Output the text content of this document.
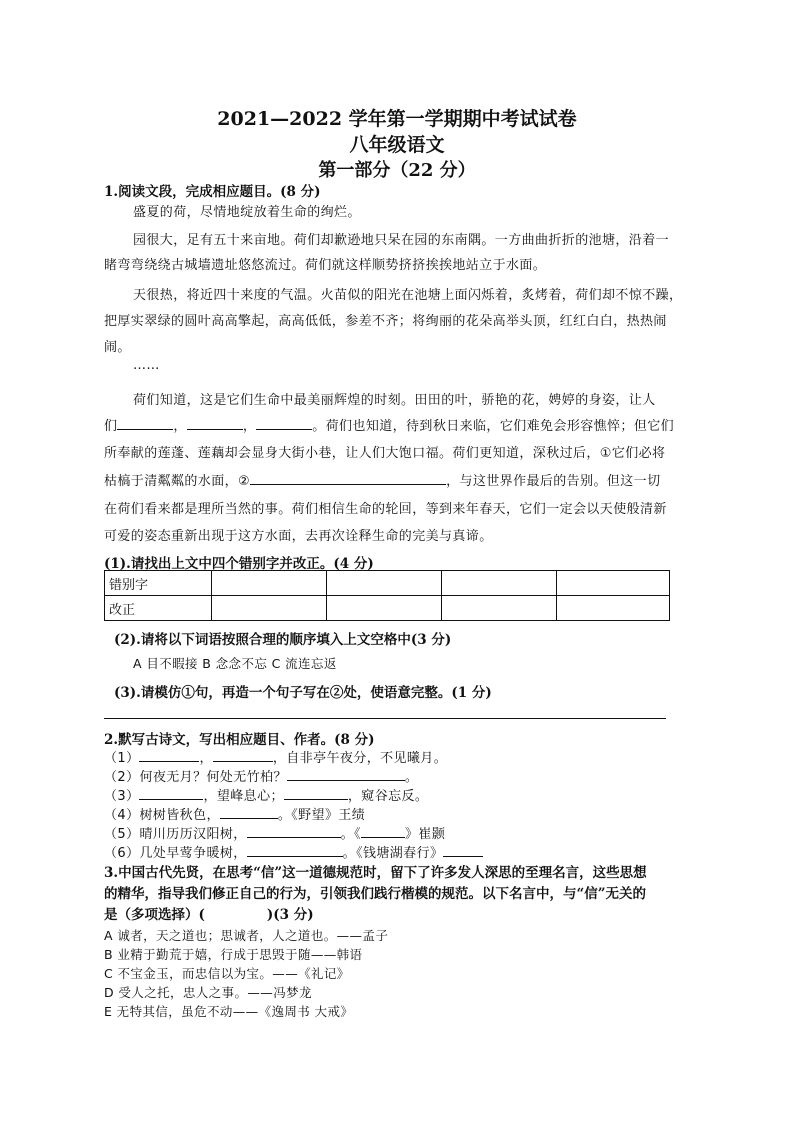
2021—2022 学年第一学期期中考试试卷
八年级语文
第一部分（22 分）
1.阅读文段，完成相应题目。(8 分)
盛夏的荷，尽情地绽放着生命的绚烂。
园很大，足有五十来亩地。荷们却歉逊地只呆在园的东南隅。一方曲曲折折的池塘，沿着一
睹弯弯绕绕古城墙遗址悠悠流过。荷们就这样顺势挤挤挨挨地站立于水面。
天很热，将近四十来度的气温。火苗似的阳光在池塘上面闪烁着，炙烤着，荷们却不惊不躁，
把厚实翠绿的圆叶高高擎起，高高低低，参差不齐；将绚丽的花朵高举头顶，红红白白，热热闹
闹。
……
荷们知道，这是它们生命中最美丽辉煌的时刻。田田的叶，骄艳的花，娉婷的身姿，让人
们	，	，	。荷们也知道，待到秋日来临，它们难免会形容憔悴；但它们
所奉献的莲蓬、莲藕却会显身大街小巷，让人们大饱口福。荷们更知道，深秋过后，①它们必将
枯槁于清粼粼的水面，②	，与这世界作最后的告别。但这一切
在荷们看来都是理所当然的事。荷们相信生命的轮回，等到来年春天，它们一定会以天使般清新
可爱的姿态重新出现于这方水面，去再次诠释生命的完美与真谛。
(1).请找出上文中四个错别字并改正。(4 分)
错别字				
改正				
(2).请将以下词语按照合理的顺序填入上文空格中(3 分)
A 目不暇接 B 念念不忘 C 流连忘返
(3).请模仿①句，再造一个句子写在②处，使语意完整。(1 分)
2.默写古诗文，写出相应题目、作者。(8 分)
（1）	，	，自非亭午夜分，不见曦月。
（2）何夜无月？何处无竹柏？	。
（3）	，望峰息心；	，窥谷忘反。
（4）树树皆秋色，	。《野望》王绩
（5）晴川历历汉阳树，	。《	》崔颢
（6）几处早莺争暖树，	。《钱塘湖春行》
3.中国古代先贤，在思考“信”这一道德规范时，留下了许多发人深思的至理名言，这些思想
的精华，指导我们修正自己的行为，引领我们践行楷模的规范。以下名言中，与“信”无关的
是（多项选择）(	)(3 分)
A 诚者，天之道也；思诚者，人之道也。——孟子
B 业精于勤荒于嬉，行成于思毁于随——韩语
C 不宝金玉，而忠信以为宝。——《礼记》
D 受人之托，忠人之事。——冯梦龙
E 无特其信，虽危不动——《逸周书 大戒》
